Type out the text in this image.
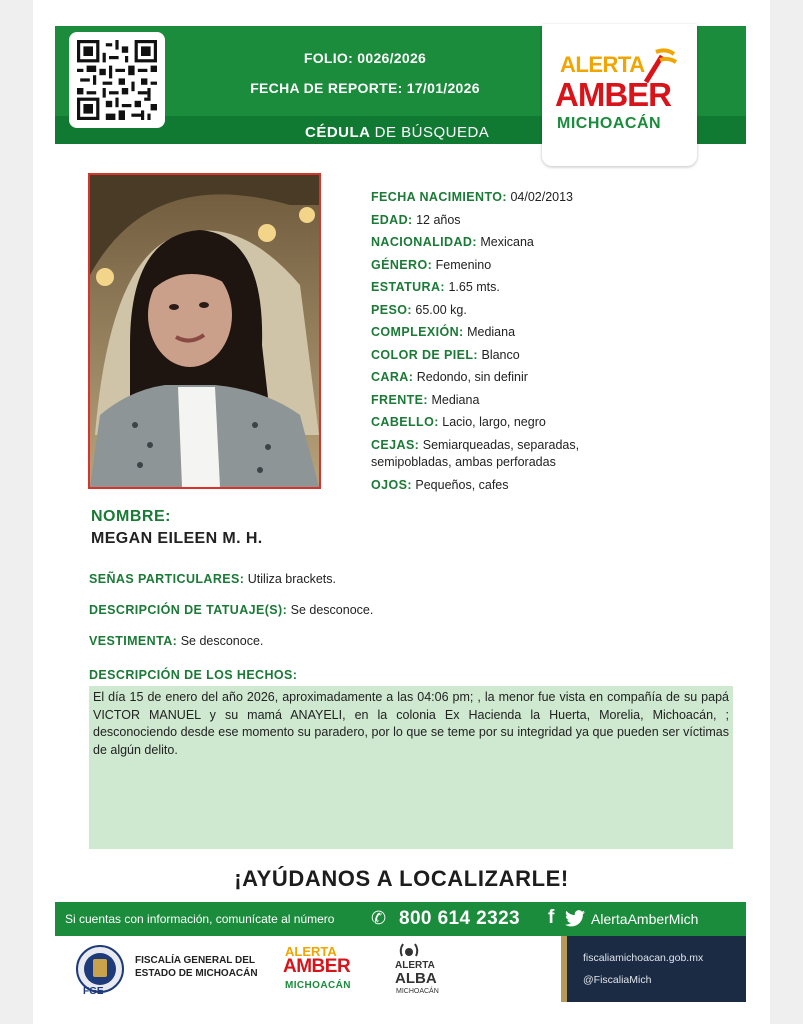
FOLIO: 0026/2026
FECHA DE REPORTE: 17/01/2026
CÉDULA DE BÚSQUEDA
ALERTA
AMBER
MICHOACÁN
FECHA NACIMIENTO: 04/02/2013
EDAD: 12 años
NACIONALIDAD: Mexicana
GÉNERO: Femenino
ESTATURA: 1.65 mts.
PESO: 65.00 kg.
COMPLEXIÓN: Mediana
COLOR DE PIEL: Blanco
CARA: Redondo, sin definir
FRENTE: Mediana
CABELLO: Lacio, largo, negro
CEJAS: Semiarqueadas, separadas,
semipobladas, ambas perforadas
OJOS: Pequeños, cafes
NOMBRE:
MEGAN EILEEN M. H.
SEÑAS PARTICULARES: Utiliza brackets.
DESCRIPCIÓN DE TATUAJE(S): Se desconoce.
VESTIMENTA: Se desconoce.
DESCRIPCIÓN DE LOS HECHOS:
El día 15 de enero del año 2026, aproximadamente a las 04:06 pm; , la menor fue vista en compañía de su papá VICTOR MANUEL y su mamá ANAYELI, en la colonia Ex Hacienda la Huerta, Morelia, Michoacán, ; desconociendo desde ese momento su paradero, por lo que se teme por su integridad ya que pueden ser víctimas de algún delito.
¡AYÚDANOS A LOCALIZARLE!
Si cuentas con información, comunícate al número ✆ 800 614 2323 f	AlertaAmberMich
FGE
FISCALÍA GENERAL DEL
ESTADO DE MICHOACÁN
ALERTA
AMBER
MICHOACÁN
ALERTA
ALBA
MICHOACÁN
fiscaliamichoacan.gob.mx
@FiscaliaMich
